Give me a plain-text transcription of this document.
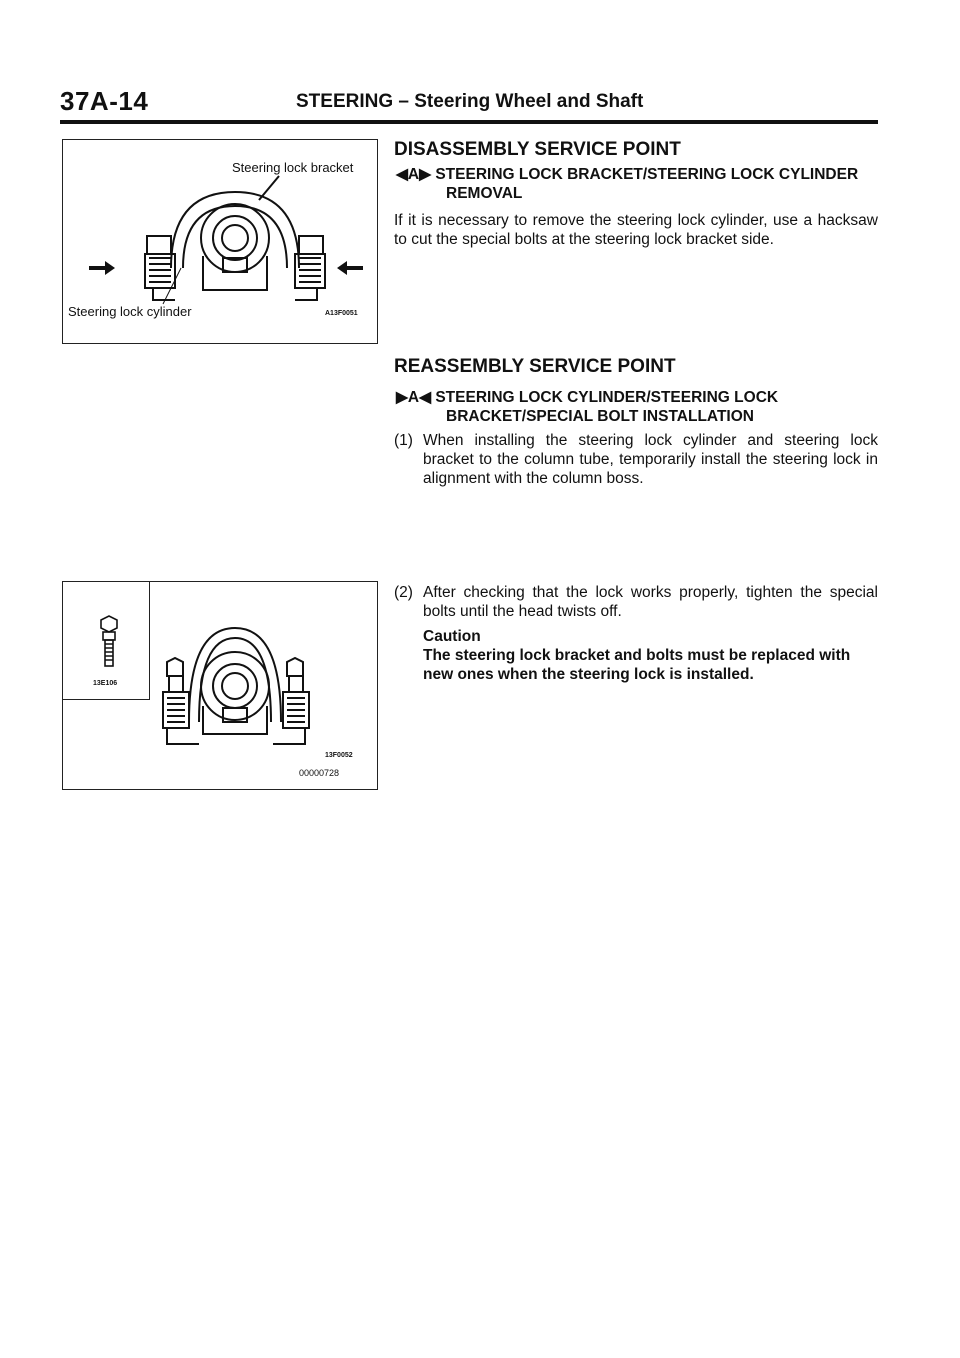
37A-14	STEERING – Steering Wheel and Shaft
Steering lock bracket
Steering lock cylinder	A13F0051
13E106
13F0052
00000728
DISASSEMBLY SERVICE POINT
◀A▶ STEERING LOCK BRACKET/STEERING LOCK CYLINDER REMOVAL
If it is necessary to remove the steering lock cylinder, use a hacksaw to cut the special bolts at the steering lock bracket side.
REASSEMBLY SERVICE POINT
▶A◀ STEERING LOCK CYLINDER/STEERING LOCK BRACKET/SPECIAL BOLT INSTALLATION
(1) When installing the steering lock cylinder and steering lock bracket to the column tube, temporarily install the steering lock in alignment with the column boss.
(2) After checking that the lock works properly, tighten the special bolts until the head twists off.
Caution
The steering lock bracket and bolts must be replaced with new ones when the steering lock is installed.
